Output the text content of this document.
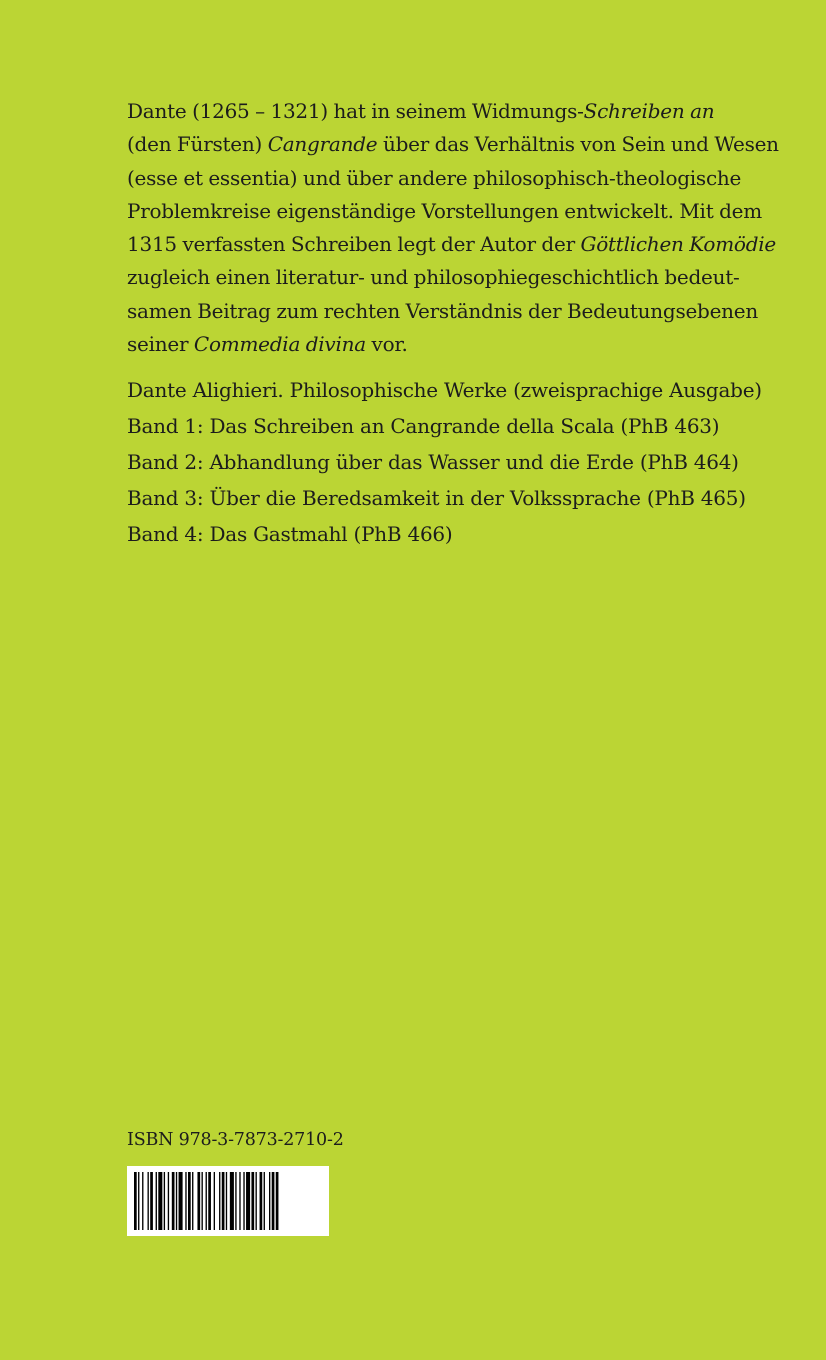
Dante (1265 – 1321) hat in seinem Widmungs-Schreiben an
(den Fürsten) Cangrande über das Verhältnis von Sein und Wesen
(esse et essentia) und über andere philosophisch-theologische
Problemkreise eigenständige Vorstellungen entwickelt. Mit dem
1315 verfassten Schreiben legt der Autor der Göttlichen Komödie
zugleich einen literatur- und philosophiegeschichtlich bedeut-
samen Beitrag zum rechten Verständnis der Bedeutungsebenen
seiner Commedia divina vor.
Dante Alighieri. Philosophische Werke (zweisprachige Ausgabe)
Band 1: Das Schreiben an Cangrande della Scala (PhB 463)
Band 2: Abhandlung über das Wasser und die Erde (PhB 464)
Band 3: Über die Beredsamkeit in der Volkssprache (PhB 465)
Band 4: Das Gastmahl (PhB 466)
ISBN 978-3-7873-2710-2
